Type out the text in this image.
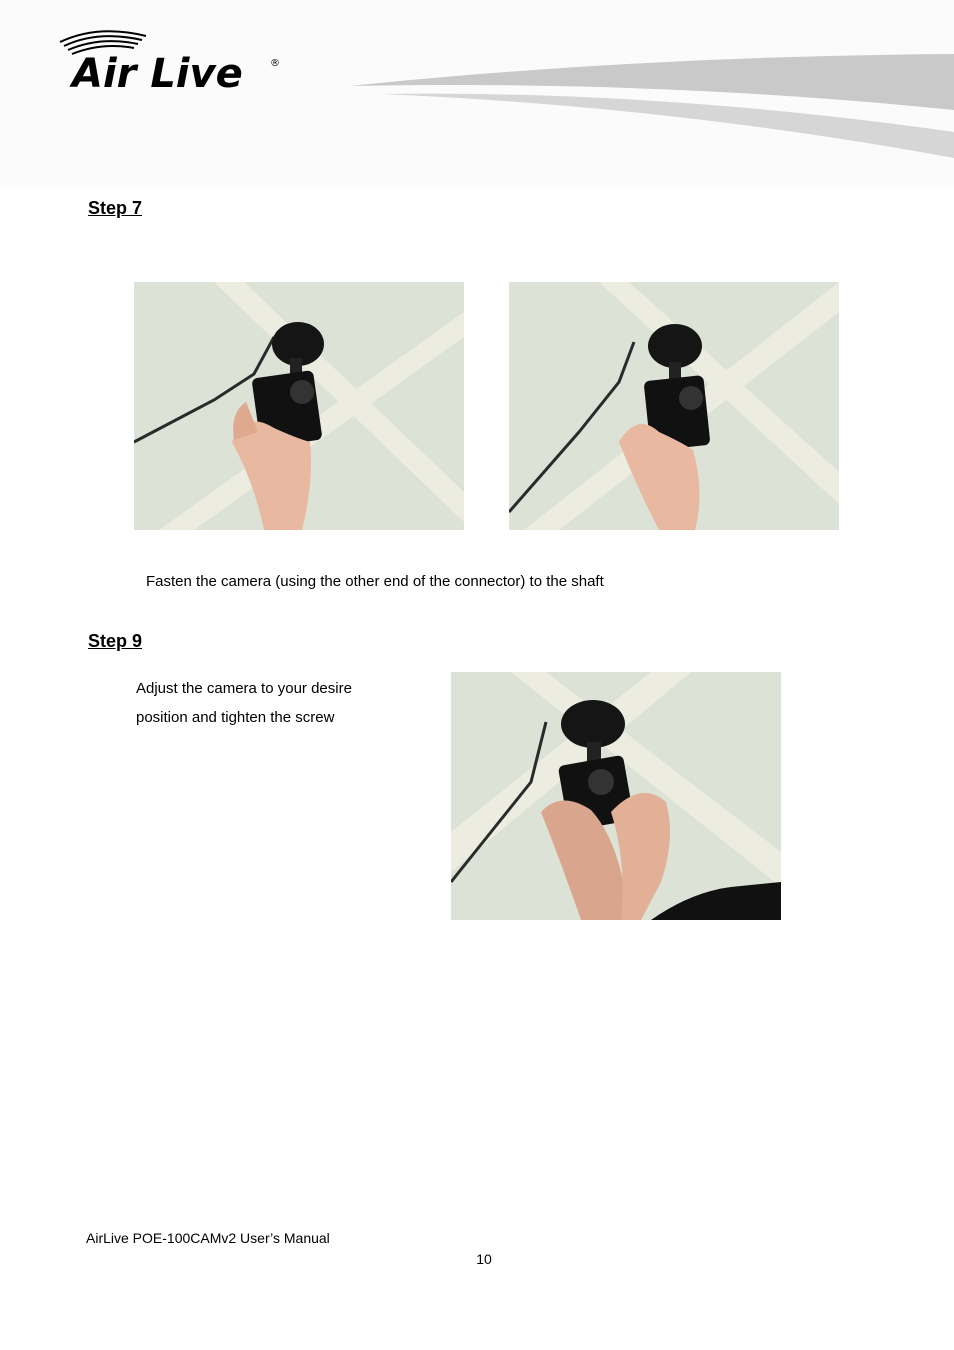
Air Live	®
Step 7
Fasten the camera (using the other end of the connector) to the shaft
Step 9
Adjust the camera to your desire
position and tighten the screw
AirLive POE-100CAMv2 User’s Manual
10
